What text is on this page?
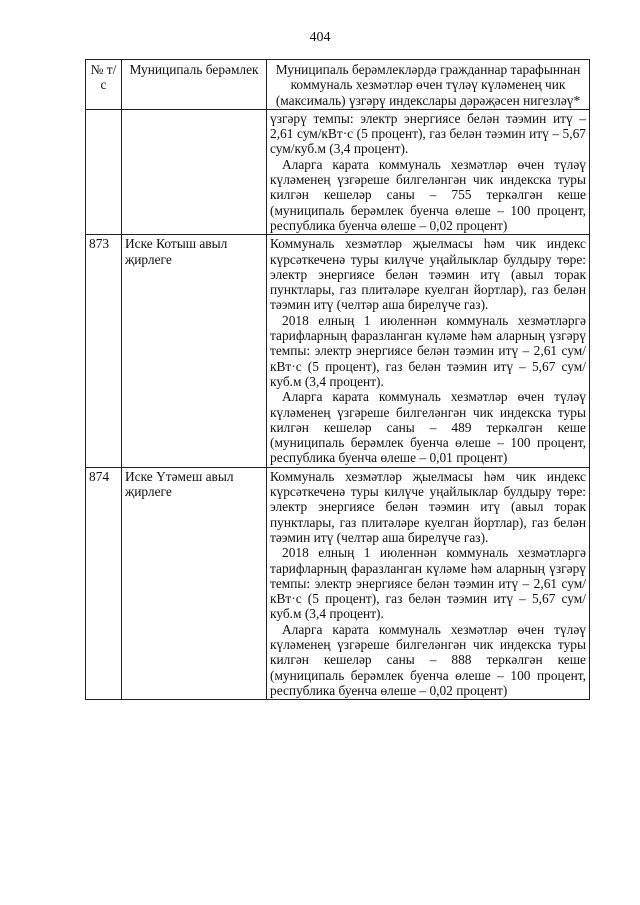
404
№ т/с	Муниципаль берәмлек	Муниципаль берәмлекләрдә гражданнар тарафыннан коммуналь хезмәтләр өчен түләү күләменең чик (максималь) үзгәрү индекслары дәрәҗәсен нигезләү*

		үзгәрү темпы: электр энергиясе белән тәэмин итү – 2,61 сум/кВт·с (5 процент), газ белән тәэмин итү – 5,67 сум/куб.м (3,4 процент).

Аларга карата коммуналь хезмәтләр өчен түләү күләменең үзгәреше билгеләнгән чик индекска туры килгән кешеләр саны – 755 теркәлгән кеше (муниципаль берәмлек буенча өлеше – 100 процент, республика буенча өлеше – 0,02 процент)

873	Иске Котыш авыл җирлеге	Коммуналь хезмәтләр җыелмасы һәм чик индекс күрсәткеченә туры килүче уңайлыклар булдыру төре: электр энергиясе белән тәэмин итү (авыл торак пунктлары, газ плитәләре куелган йортлар), газ белән тәэмин итү (челтәр аша бирелүче газ).

2018 елның 1 июленнән коммуналь хезмәтләргә тарифларның фаразланган күләме һәм аларның үзгәрү темпы: электр энергиясе белән тәэмин итү – 2,61 сум/кВт·с (5 процент), газ белән тәэмин итү – 5,67 сум/куб.м (3,4 процент).

Аларга карата коммуналь хезмәтләр өчен түләү күләменең үзгәреше билгеләнгән чик индекска туры килгән кешеләр саны – 489 теркәлгән кеше (муниципаль берәмлек буенча өлеше – 100 процент, республика буенча өлеше – 0,01 процент)

874	Иске Үтәмеш авыл җирлеге	Коммуналь хезмәтләр җыелмасы һәм чик индекс күрсәткеченә туры килүче уңайлыклар булдыру төре: электр энергиясе белән тәэмин итү (авыл торак пунктлары, газ плитәләре куелган йортлар), газ белән тәэмин итү (челтәр аша бирелүче газ).

2018 елның 1 июленнән коммуналь хезмәтләргә тарифларның фаразланган күләме һәм аларның үзгәрү темпы: электр энергиясе белән тәэмин итү – 2,61 сум/кВт·с (5 процент), газ белән тәэмин итү – 5,67 сум/куб.м (3,4 процент).

Аларга карата коммуналь хезмәтләр өчен түләү күләменең үзгәреше билгеләнгән чик индекска туры килгән кешеләр саны – 888 теркәлгән кеше (муниципаль берәмлек буенча өлеше – 100 процент, республика буенча өлеше – 0,02 процент)
